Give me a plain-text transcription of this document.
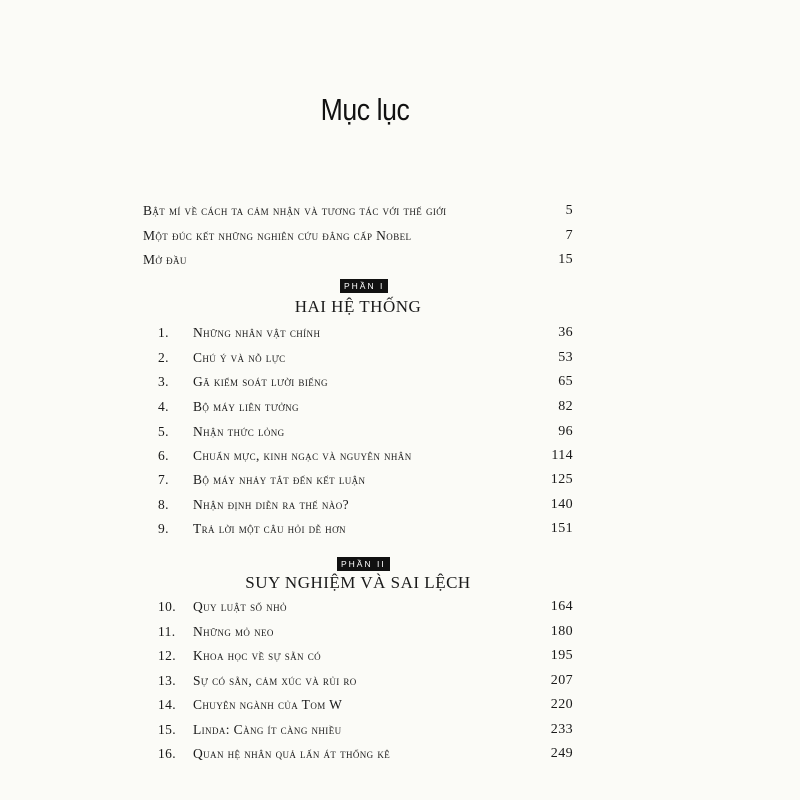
Mục lục
Bật mí về cách ta cảm nhận và tương tác với thế giới	5
Một đúc kết những nghiên cứu đẳng cấp Nobel	7
Mở đầu	15
PHẦN I
HAI HỆ THỐNG
1. Những nhân vật chính	36
2. Chú ý và nỗ lực	53
3. Gã kiểm soát lười biếng	65
4. Bộ máy liên tưởng	82
5. Nhận thức lỏng	96
6. Chuẩn mực, kinh ngạc và nguyên nhân	114
7. Bộ máy nhảy tắt đến kết luận	125
8. Nhận định diễn ra thế nào?	140
9. Trả lời một câu hỏi dễ hơn	151
PHẦN II
SUY NGHIỆM VÀ SAI LỆCH
10. Quy luật số nhỏ	164
11. Những mỏ neo	180
12. Khoa học về sự sẵn có	195
13. Sự có sẵn, cảm xúc và rủi ro	207
14. Chuyên ngành của Tom W	220
15. Linda: Càng ít càng nhiều	233
16. Quan hệ nhân quả lấn át thống kê	249
